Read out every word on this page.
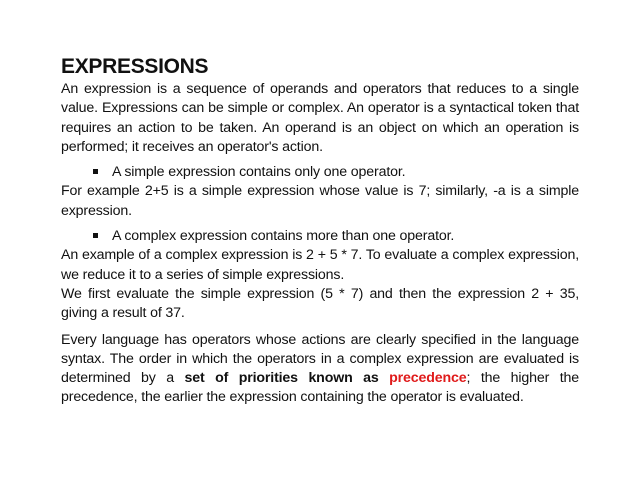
EXPRESSIONS

An expression is a sequence of operands and operators that reduces to a single value. Expressions can be simple or complex. An operator is a syntactical token that requires an action to be taken. An operand is an object on which an operation is performed; it receives an operator's action.

A simple expression contains only one operator.

For example 2+5 is a simple expression whose value is 7; similarly, -a is a simple expression.

A complex expression contains more than one operator.

An example of a complex expression is 2 + 5 * 7. To evaluate a complex expression, we reduce it to a series of simple expressions.

We first evaluate the simple expression (5 * 7) and then the expression 2 + 35, giving a result of 37.

Every language has operators whose actions are clearly specified in the language syntax. The order in which the operators in a complex expression are evaluated is determined by a set of priorities known as precedence; the higher the precedence, the earlier the expression containing the operator is evaluated.
